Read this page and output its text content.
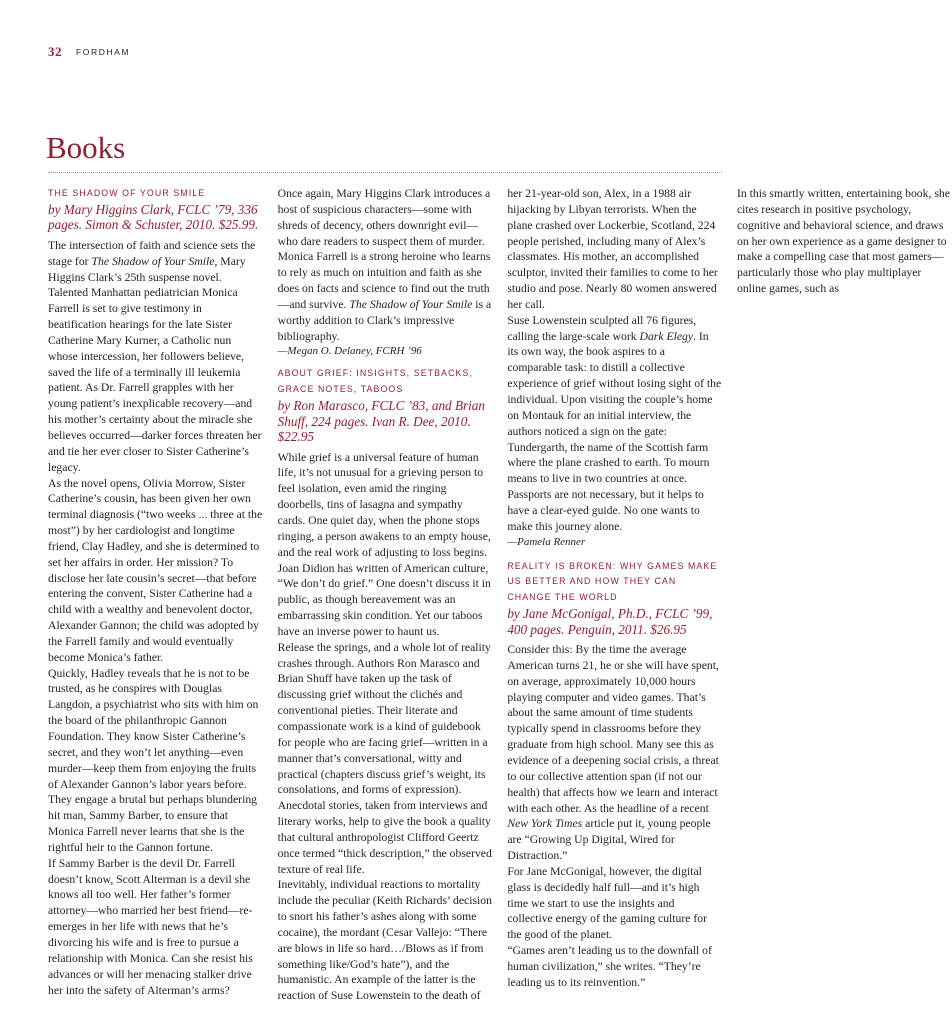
32 FORDHAM
Books
THE SHADOW OF YOUR SMILE
by Mary Higgins Clark, FCLC ’79, 336 pages. Simon & Schuster, 2010. $25.99.

The intersection of faith and science sets the stage for The Shadow of Your Smile, Mary Higgins Clark’s 25th suspense novel. Talented Manhattan pediatrician Monica Farrell is set to give testimony in beatification hearings for the late Sister Catherine Mary Kurner, a Catholic nun whose intercession, her followers believe, saved the life of a terminally ill leukemia patient. As Dr. Farrell grapples with her young patient’s inexplicable recovery—and his mother’s certainty about the miracle she believes occurred—darker forces threaten her and tie her ever closer to Sister Catherine’s legacy.

As the novel opens, Olivia Morrow, Sister Catherine’s cousin, has been given her own terminal diagnosis (“two weeks ... three at the most”) by her cardiologist and longtime friend, Clay Hadley, and she is determined to set her affairs in order. Her mission? To disclose her late cousin’s secret—that before entering the convent, Sister Catherine had a child with a wealthy and benevolent doctor, Alexander Gannon; the child was adopted by the Farrell family and would eventually become Monica’s father.

Quickly, Hadley reveals that he is not to be trusted, as he conspires with Douglas Langdon, a psychiatrist who sits with him on the board of the philanthropic Gannon Foundation. They know Sister Catherine’s secret, and they won’t let anything—even murder—keep them from enjoying the fruits of Alexander Gannon’s labor years before. They engage a brutal but perhaps blundering hit man, Sammy Barber, to ensure that Monica Farrell never learns that she is the rightful heir to the Gannon fortune.

If Sammy Barber is the devil Dr. Farrell doesn’t know, Scott Alterman is a devil she knows all too well. Her father’s former attorney—who married her best friend—re-emerges in her life with news that he’s divorcing his wife and is free to pursue a relationship with Monica. Can she resist his advances or will her menacing stalker drive her into the safety of Alterman’s arms?

Once again, Mary Higgins Clark introduces a host of suspicious characters—some with shreds of decency, others downright evil—who dare readers to suspect them of murder. Monica Farrell is a strong heroine who learns to rely as much on intuition and faith as she does on facts and science to find out the truth—and survive. The Shadow of Your Smile is a worthy addition to Clark’s impressive bibliography.

—Megan O. Delaney, FCRH ’96
ABOUT GRIEF: INSIGHTS, SETBACKS, GRACE NOTES, TABOOS
by Ron Marasco, FCLC ’83, and Brian Shuff, 224 pages. Ivan R. Dee, 2010. $22.95

While grief is a universal feature of human life, it’s not unusual for a grieving person to feel isolation, even amid the ringing doorbells, tins of lasagna and sympathy cards. One quiet day, when the phone stops ringing, a person awakens to an empty house, and the real work of adjusting to loss begins. Joan Didion has written of American culture, “We don’t do grief.” One doesn’t discuss it in public, as though bereavement was an embarrassing skin condition. Yet our taboos have an inverse power to haunt us.

Release the springs, and a whole lot of reality crashes through. Authors Ron Marasco and Brian Shuff have taken up the task of discussing grief without the clichés and conventional pieties. Their literate and compassionate work is a kind of guidebook for people who are facing grief—written in a manner that’s conversational, witty and practical (chapters discuss grief’s weight, its consolations, and forms of expression). Anecdotal stories, taken from interviews and literary works, help to give the book a quality that cultural anthropologist Clifford Geertz once termed “thick description,” the observed texture of real life.

Inevitably, individual reactions to mortality include the peculiar (Keith Richards’ decision to snort his father’s ashes along with some cocaine), the mordant (Cesar Vallejo: “There are blows in life so hard…/Blows as if from something like/God’s hate”), and the humanistic. An example of the latter is the reaction of Suse Lowenstein to the death of her 21-year-old son, Alex, in a 1988 air hijacking by Libyan terrorists. When the plane crashed over Lockerbie, Scotland, 224 people perished, including many of Alex’s classmates. His mother, an accomplished sculptor, invited their families to come to her studio and pose. Nearly 80 women answered her call.

Suse Lowenstein sculpted all 76 figures, calling the large-scale work Dark Elegy. In its own way, the book aspires to a comparable task: to distill a collective experience of grief without losing sight of the individual. Upon visiting the couple’s home on Montauk for an initial interview, the authors noticed a sign on the gate: Tundergarth, the name of the Scottish farm where the plane crashed to earth. To mourn means to live in two countries at once. Passports are not necessary, but it helps to have a clear-eyed guide. No one wants to make this journey alone.

—Pamela Renner
REALITY IS BROKEN: WHY GAMES MAKE US BETTER AND HOW THEY CAN CHANGE THE WORLD
by Jane McGonigal, Ph.D., FCLC ’99, 400 pages. Penguin, 2011. $26.95

Consider this: By the time the average American turns 21, he or she will have spent, on average, approximately 10,000 hours playing computer and video games. That’s about the same amount of time students typically spend in classrooms before they graduate from high school. Many see this as evidence of a deepening social crisis, a threat to our collective attention span (if not our health) that affects how we learn and interact with each other. As the headline of a recent New York Times article put it, young people are “Growing Up Digital, Wired for Distraction.”

For Jane McGonigal, however, the digital glass is decidedly half full—and it’s high time we start to use the insights and collective energy of the gaming culture for the good of the planet.

“Games aren’t leading us to the downfall of human civilization,” she writes. “They’re leading us to its reinvention.”

In this smartly written, entertaining book, she cites research in positive psychology, cognitive and behavioral science, and draws on her own experience as a game designer to make a compelling case that most gamers—particularly those who play multiplayer online games, such as
